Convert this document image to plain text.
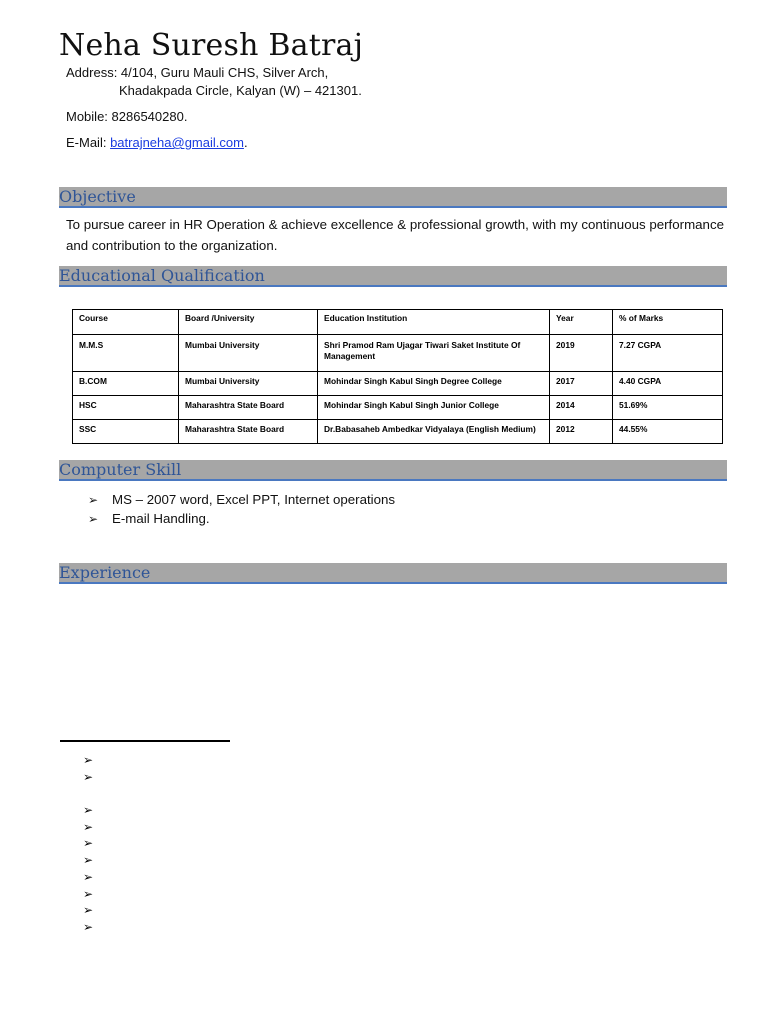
Neha Suresh Batraj
Address: 4/104, Guru Mauli CHS, Silver Arch,
Khadakpada Circle, Kalyan (W) – 421301.
Mobile: 8286540280.
E-Mail: batrajneha@gmail.com.
Objective
To pursue career in HR Operation & achieve excellence & professional growth, with my continuous performance and contribution to the organization.
Educational Qualification
Course	Board /University	Education Institution	Year	% of Marks
M.M.S	Mumbai University	Shri Pramod Ram Ujagar Tiwari Saket Institute Of Management	2019	7.27 CGPA
B.COM	Mumbai University	Mohindar Singh Kabul Singh Degree College	2017	4.40 CGPA
HSC	Maharashtra State Board	Mohindar Singh Kabul Singh Junior College	2014	51.69%
SSC	Maharashtra State Board	Dr.Babasaheb Ambedkar Vidyalaya (English Medium)	2012	44.55%
Computer Skill
➢ MS – 2007 word, Excel PPT, Internet operations
➢ E-mail Handling.
Experience
➢
➢
➢
➢
➢
➢
➢
➢
➢
➢
